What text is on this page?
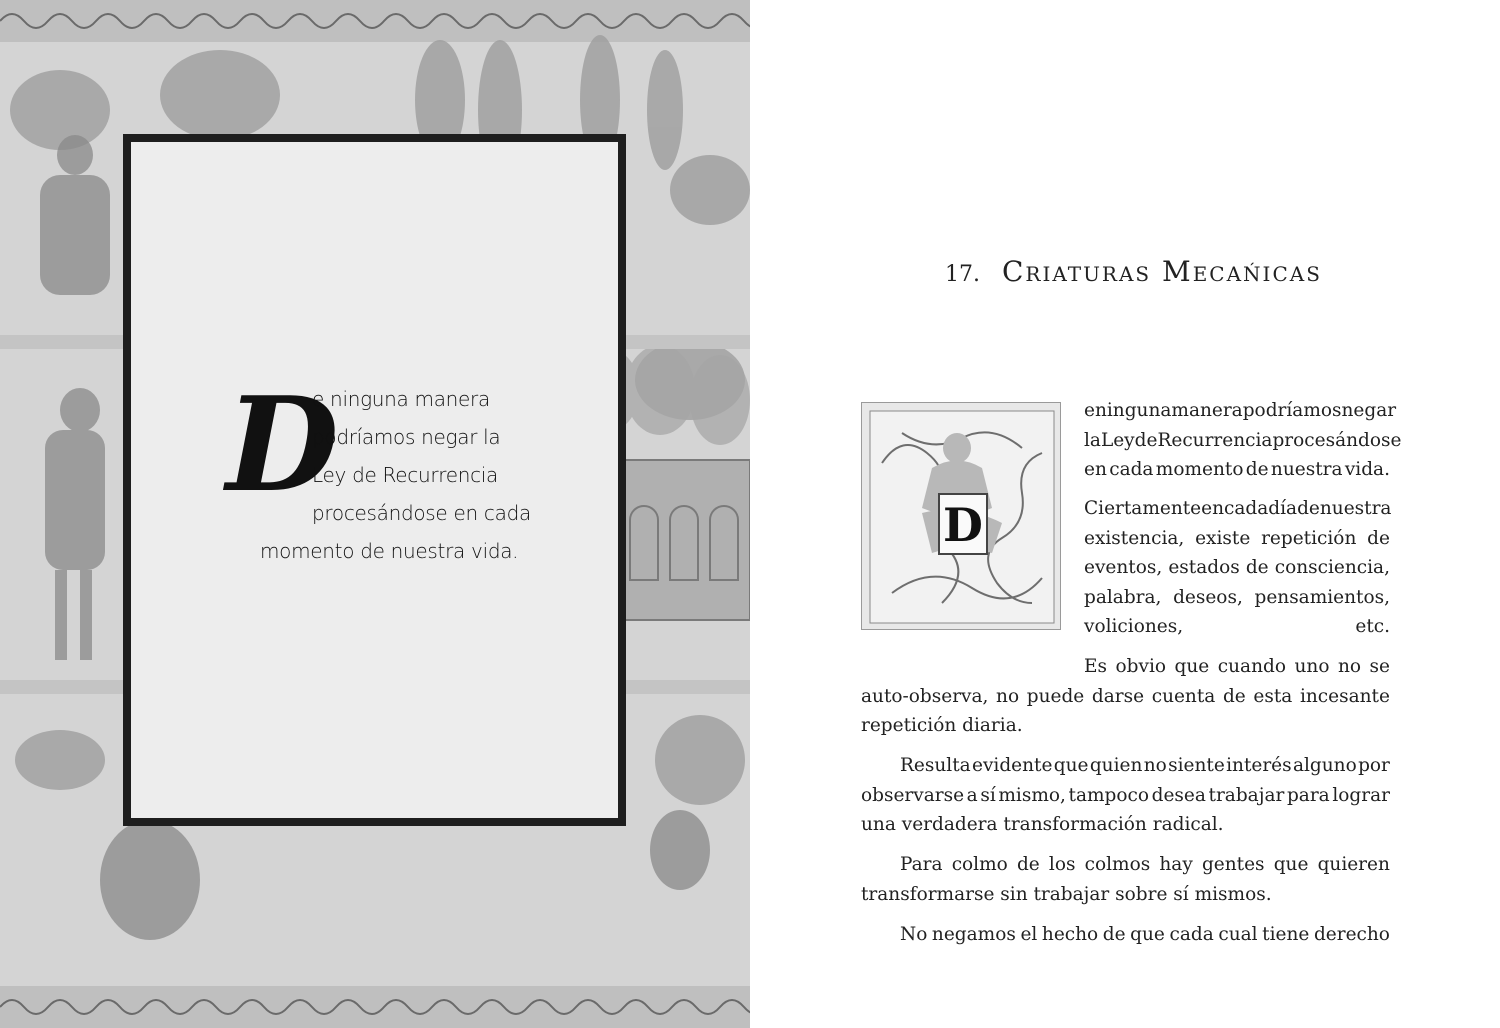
D
e ninguna manera
podríamos negar la
Ley de Recurrencia
procesándose en cada
momento de nuestra vida.
17. Criaturas Mecańicas
D
e ninguna manera podríamos negar
la Ley de Recurrencia procesándose
en cada momento de nuestra vida.
Ciertamente en cada día de nuestra
existencia, existe repetición de
eventos, estados de consciencia,
palabra, deseos, pensamientos,
voliciones,	etc.
Es obvio que cuando uno no se
auto-observa, no puede darse cuenta de esta incesante
repetición diaria.
Resulta evidente que quien no siente interés alguno por
observarse a sí mismo, tampoco desea trabajar para lograr
una verdadera transformación radical.
Para colmo de los colmos hay gentes que quieren
transformarse sin trabajar sobre sí mismos.
No negamos el hecho de que cada cual tiene derecho
